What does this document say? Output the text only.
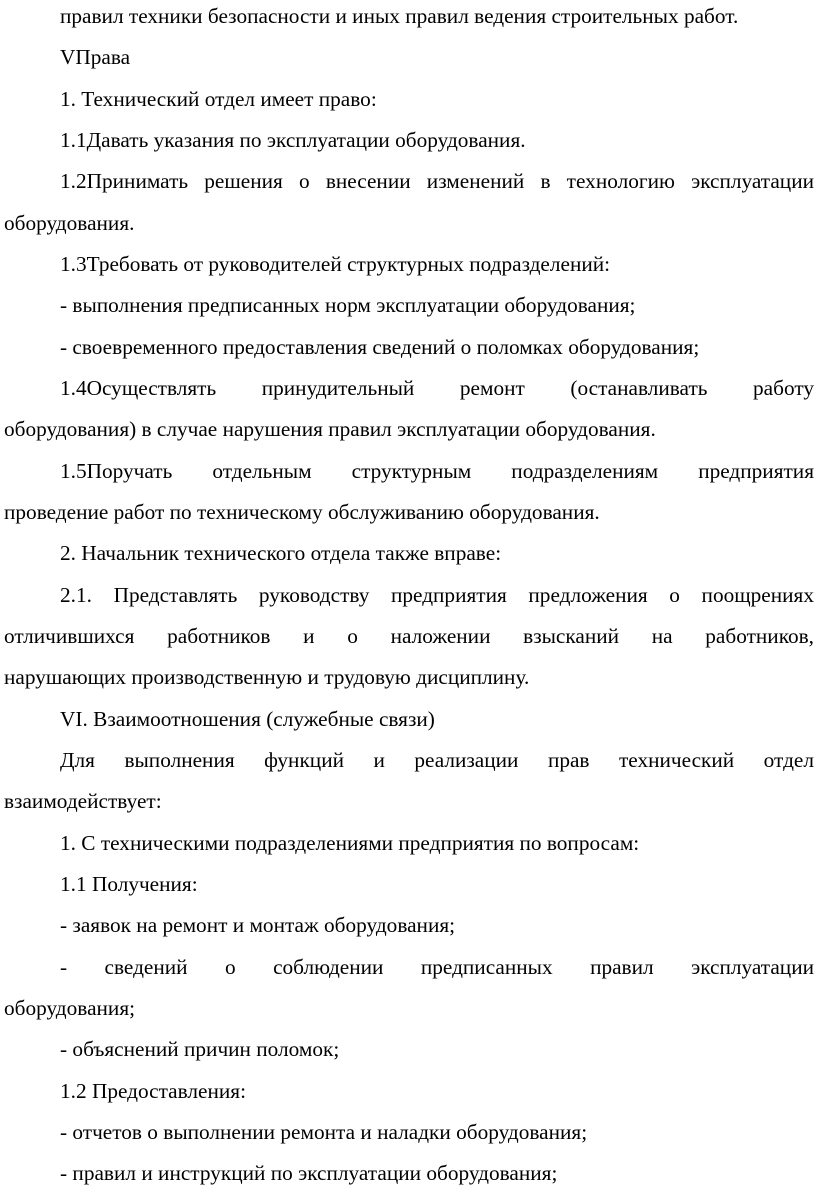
правил техники безопасности и иных правил ведения строительных работ.
VПрава
1. Технический отдел имеет право:
1.1Давать указания по эксплуатации оборудования.
1.2Принимать решения о внесении изменений в технологию эксплуатации
оборудования.
1.3Требовать от руководителей структурных подразделений:
- выполнения предписанных норм эксплуатации оборудования;
- своевременного предоставления сведений о поломках оборудования;
1.4Осуществлять принудительный ремонт (останавливать работу
оборудования) в случае нарушения правил эксплуатации оборудования.
1.5Поручать отдельным структурным подразделениям предприятия
проведение работ по техническому обслуживанию оборудования.
2. Начальник технического отдела также вправе:
2.1. Представлять руководству предприятия предложения о поощрениях
отличившихся работников и о наложении взысканий на работников,
нарушающих производственную и трудовую дисциплину.
VI. Взаимоотношения (служебные связи)
Для выполнения функций и реализации прав технический отдел
взаимодействует:
1. С техническими подразделениями предприятия по вопросам:
1.1 Получения:
- заявок на ремонт и монтаж оборудования;
- сведений о соблюдении предписанных правил эксплуатации
оборудования;
- объяснений причин поломок;
1.2 Предоставления:
- отчетов о выполнении ремонта и наладки оборудования;
- правил и инструкций по эксплуатации оборудования;
